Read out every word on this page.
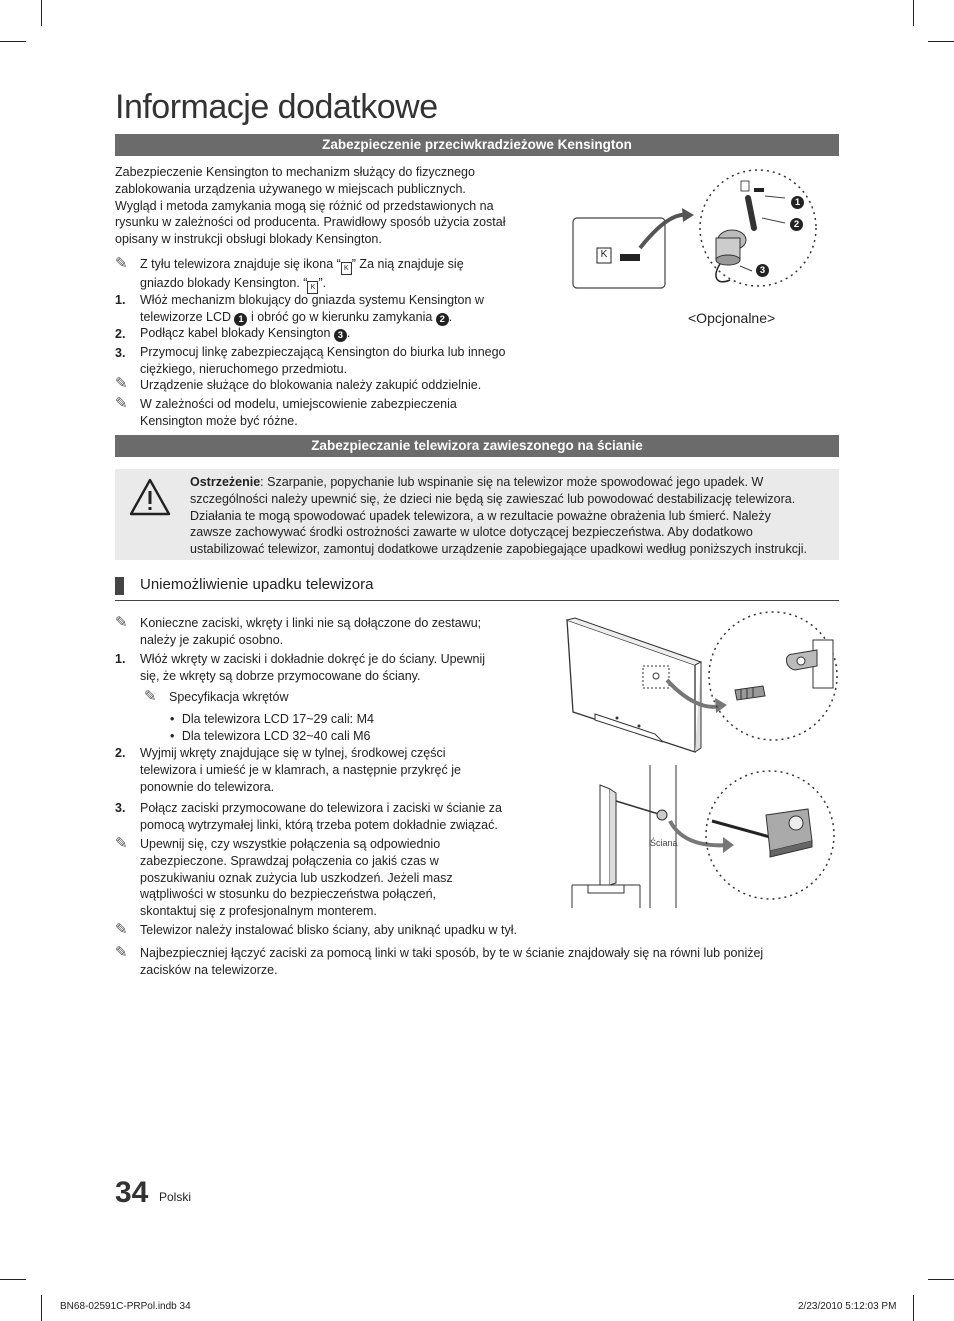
Informacje dodatkowe
Zabezpieczenie przeciwkradzieżowe Kensington
Zabezpieczenie Kensington to mechanizm służący do fizycznego
zablokowania urządzenia używanego w miejscach publicznych.
Wygląd i metoda zamykania mogą się różnić od przedstawionych na
rysunku w zależności od producenta. Prawidłowy sposób użycia został
opisany w instrukcji obsługi blokady Kensington.
✎ Z tyłu telewizora znajduje się ikona “ K ” Za nią znajduje się
gniazdo blokady Kensington. “ K ”.
1. Włóż mechanizm blokujący do gniazda systemu Kensington w
telewizorze LCD 1 i obróć go w kierunku zamykania 2 .
2. Podłącz kabel blokady Kensington 3 .
3. Przymocuj linkę zabezpieczającą Kensington do biurka lub innego
ciężkiego, nieruchomego przedmiotu.
✎ Urządzenie służące do blokowania należy zakupić oddzielnie.
✎ W zależności od modelu, umiejscowienie zabezpieczenia
Kensington może być różne.
1
2
3
K
<Opcjonalne>
Zabezpieczanie telewizora zawieszonego na ścianie
Ostrzeżenie: Szarpanie, popychanie lub wspinanie się na telewizor może spowodować jego upadek. W
szczególności należy upewnić się, że dzieci nie będą się zawieszać lub powodować destabilizację telewizora.
Działania te mogą spowodować upadek telewizora, a w rezultacie poważne obrażenia lub śmierć. Należy
zawsze zachowywać środki ostrożności zawarte w ulotce dotyczącej bezpieczeństwa. Aby dodatkowo
ustabilizować telewizor, zamontuj dodatkowe urządzenie zapobiegające upadkowi według poniższych instrukcji.
Uniemożliwienie upadku telewizora
✎ Konieczne zaciski, wkręty i linki nie są dołączone do zestawu;
należy je zakupić osobno.
1. Włóż wkręty w zaciski i dokładnie dokręć je do ściany. Upewnij
się, że wkręty są dobrze przymocowane do ściany.
✎ Specyfikacja wkrętów
• Dla telewizora LCD 17~29 cali: M4
• Dla telewizora LCD 32~40 cali M6
2. Wyjmij wkręty znajdujące się w tylnej, środkowej części
telewizora i umieść je w klamrach, a następnie przykręć je
ponownie do telewizora.
3. Połącz zaciski przymocowane do telewizora i zaciski w ścianie za
pomocą wytrzymałej linki, którą trzeba potem dokładnie związać.
✎ Upewnij się, czy wszystkie połączenia są odpowiednio
zabezpieczone. Sprawdzaj połączenia co jakiś czas w
poszukiwaniu oznak zużycia lub uszkodzeń. Jeżeli masz
wątpliwości w stosunku do bezpieczeństwa połączeń,
skontaktuj się z profesjonalnym monterem.
✎ Telewizor należy instalować blisko ściany, aby uniknąć upadku w tył.
✎ Najbezpieczniej łączyć zaciski za pomocą linki w taki sposób, by te w ścianie znajdowały się na równi lub poniżej
zacisków na telewizorze.
Ściana
34 Polski
BN68-02591C-PRPol.indb 34	2/23/2010 5:12:03 PM
